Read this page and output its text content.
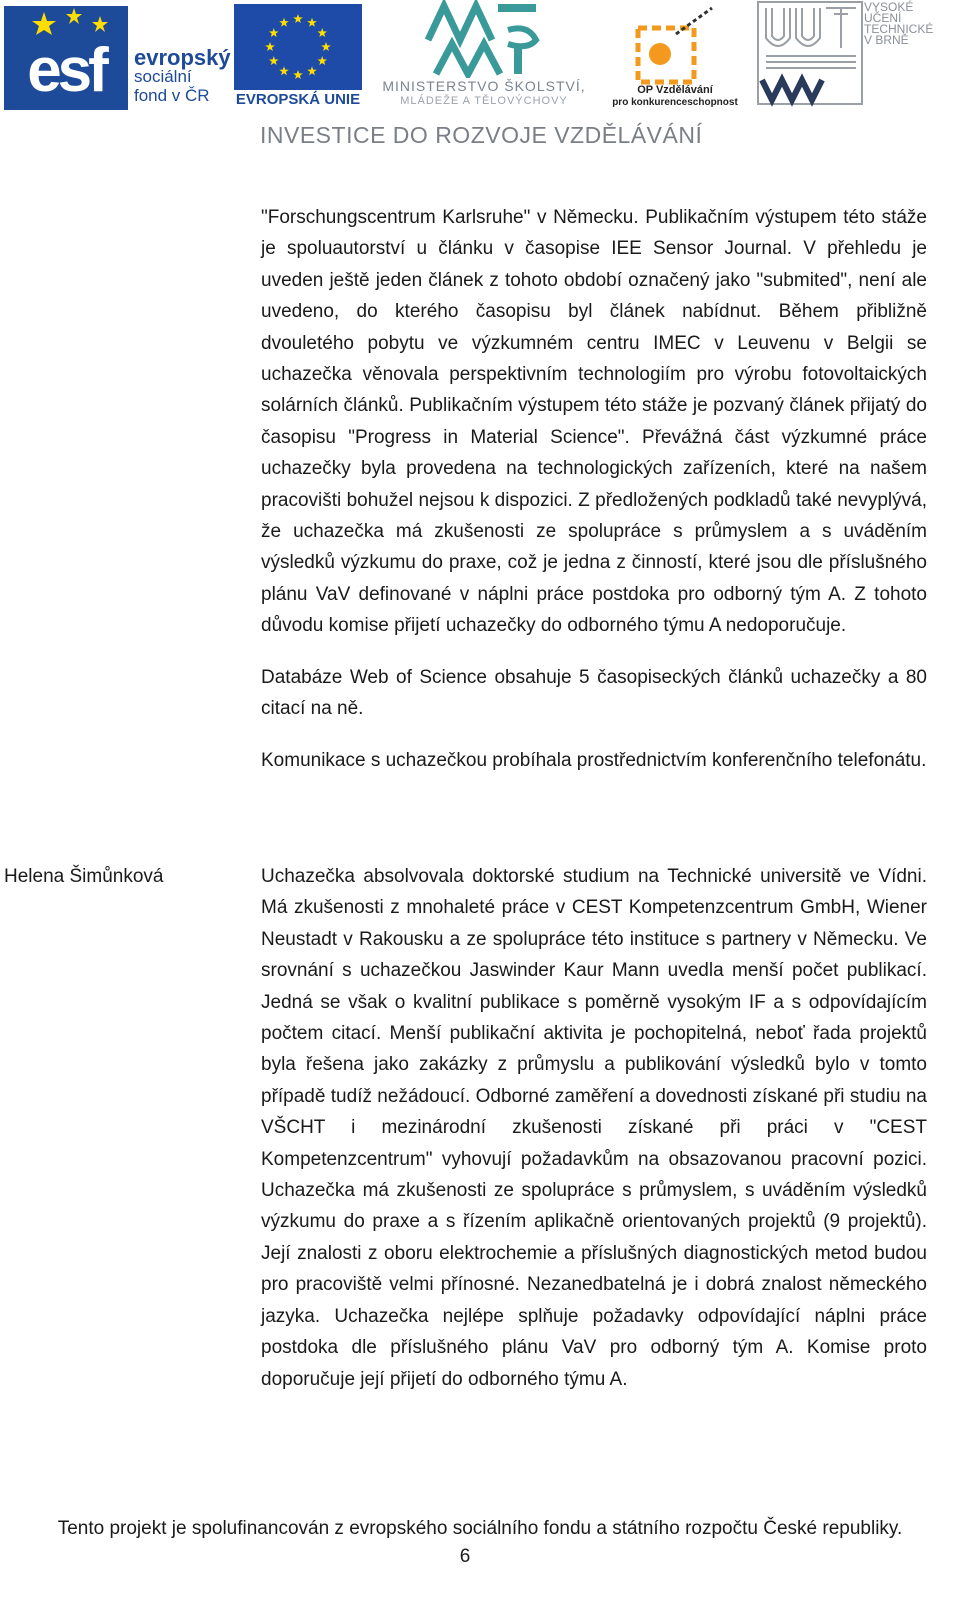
esf	evropský
sociální
fond v ČR	EVROPSKÁ UNIE
MINISTERSTVO ŠKOLSTVÍ,
MLÁDEŽE A TĚLOVÝCHOVY
OP Vzdělávání
pro konkurenceschopnost
VYSOKÉ
UČENÍ
TECHNICKÉ
V BRNĚ
INVESTICE DO ROZVOJE VZDĚLÁVÁNÍ

"Forschungscentrum Karlsruhe" v Německu. Publikačním výstupem této stáže je spoluautorství u článku v časopise IEE Sensor Journal. V přehledu je uveden ještě jeden článek z tohoto období označený jako "submited", není ale uvedeno, do kterého časopisu byl článek nabídnut. Během přibližně dvouletého pobytu ve výzkumném centru IMEC v Leuvenu v Belgii se uchazečka věnovala perspektivním technologiím pro výrobu fotovoltaických solárních článků. Publikačním výstupem této stáže je pozvaný článek přijatý do časopisu "Progress in Material Science". Převážná část výzkumné práce uchazečky byla provedena na technologických zařízeních, které na našem pracovišti bohužel nejsou k dispozici. Z předložených podkladů také nevyplývá, že uchazečka má zkušenosti ze spolupráce s průmyslem a s uváděním výsledků výzkumu do praxe, což je jedna z činností, které jsou dle příslušného plánu VaV definované v náplni práce postdoka pro odborný tým A. Z tohoto důvodu komise přijetí uchazečky do odborného týmu A nedoporučuje.

Databáze Web of Science obsahuje 5 časopiseckých článků uchazečky a 80 citací na ně.

Komunikace s uchazečkou probíhala prostřednictvím konferenčního telefonátu.

Helena Šimůnková	Uchazečka absolvovala doktorské studium na Technické universitě ve Vídni. Má zkušenosti z mnohaleté práce v CEST Kompetenzcentrum GmbH, Wiener Neustadt v Rakousku a ze spolupráce této instituce s partnery v Německu. Ve srovnání s uchazečkou Jaswinder Kaur Mann uvedla menší počet publikací. Jedná se však o kvalitní publikace s poměrně vysokým IF a s odpovídajícím počtem citací. Menší publikační aktivita je pochopitelná, neboť řada projektů byla řešena jako zakázky z průmyslu a publikování výsledků bylo v tomto případě tudíž nežádoucí. Odborné zaměření a dovednosti získané při studiu na VŠCHT i mezinárodní zkušenosti získané při práci v "CEST Kompetenzcentrum" vyhovují požadavkům na obsazovanou pracovní pozici. Uchazečka má zkušenosti ze spolupráce s průmyslem, s uváděním výsledků výzkumu do praxe a s řízením aplikačně orientovaných projektů (9 projektů). Její znalosti z oboru elektrochemie a příslušných diagnostických metod budou pro pracoviště velmi přínosné. Nezanedbatelná je i dobrá znalost německého jazyka. Uchazečka nejlépe splňuje požadavky odpovídající náplni práce postdoka dle příslušného plánu VaV pro odborný tým A. Komise proto doporučuje její přijetí do odborného týmu A.

Tento projekt je spolufinancován z evropského sociálního fondu a státního rozpočtu České republiky.
6
